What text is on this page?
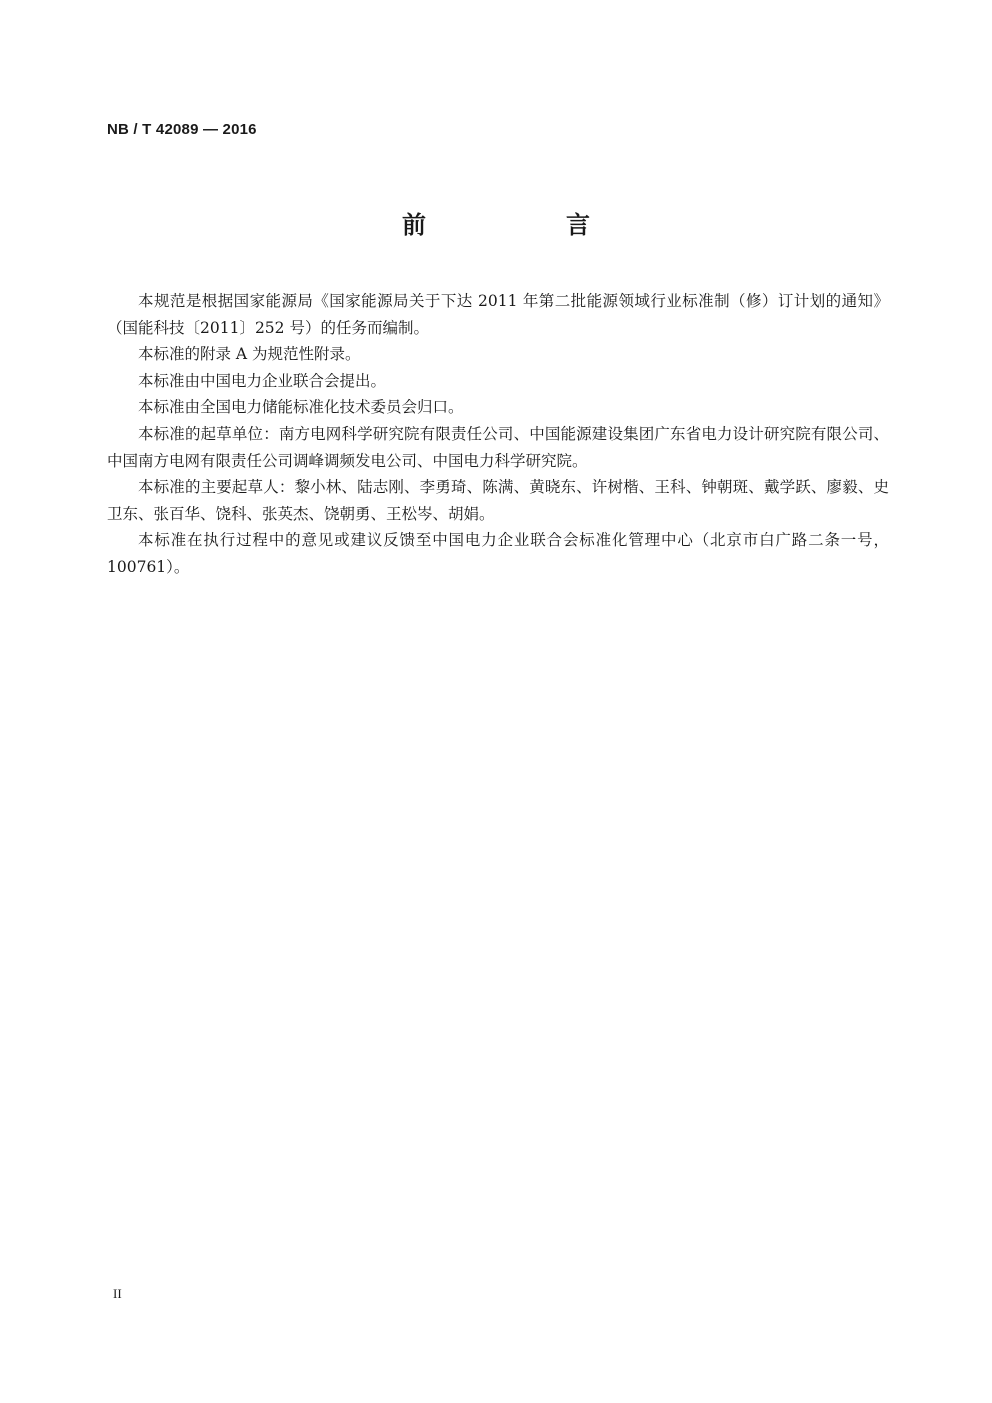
NB / T 42089 — 2016
前　言

本规范是根据国家能源局《国家能源局关于下达 2011 年第二批能源领域行业标准制（修）订计划的通知》（国能科技〔2011〕252 号）的任务而编制。

本标准的附录 A 为规范性附录。

本标准由中国电力企业联合会提出。

本标准由全国电力储能标准化技术委员会归口。

本标准的起草单位：南方电网科学研究院有限责任公司、中国能源建设集团广东省电力设计研究院有限公司、中国南方电网有限责任公司调峰调频发电公司、中国电力科学研究院。

本标准的主要起草人：黎小林、陆志刚、李勇琦、陈满、黄晓东、许树楷、王科、钟朝斑、戴学跃、廖毅、史卫东、张百华、饶科、张英杰、饶朝勇、王松岑、胡娟。

本标准在执行过程中的意见或建议反馈至中国电力企业联合会标准化管理中心（北京市白广路二条一号，100761）。

II
